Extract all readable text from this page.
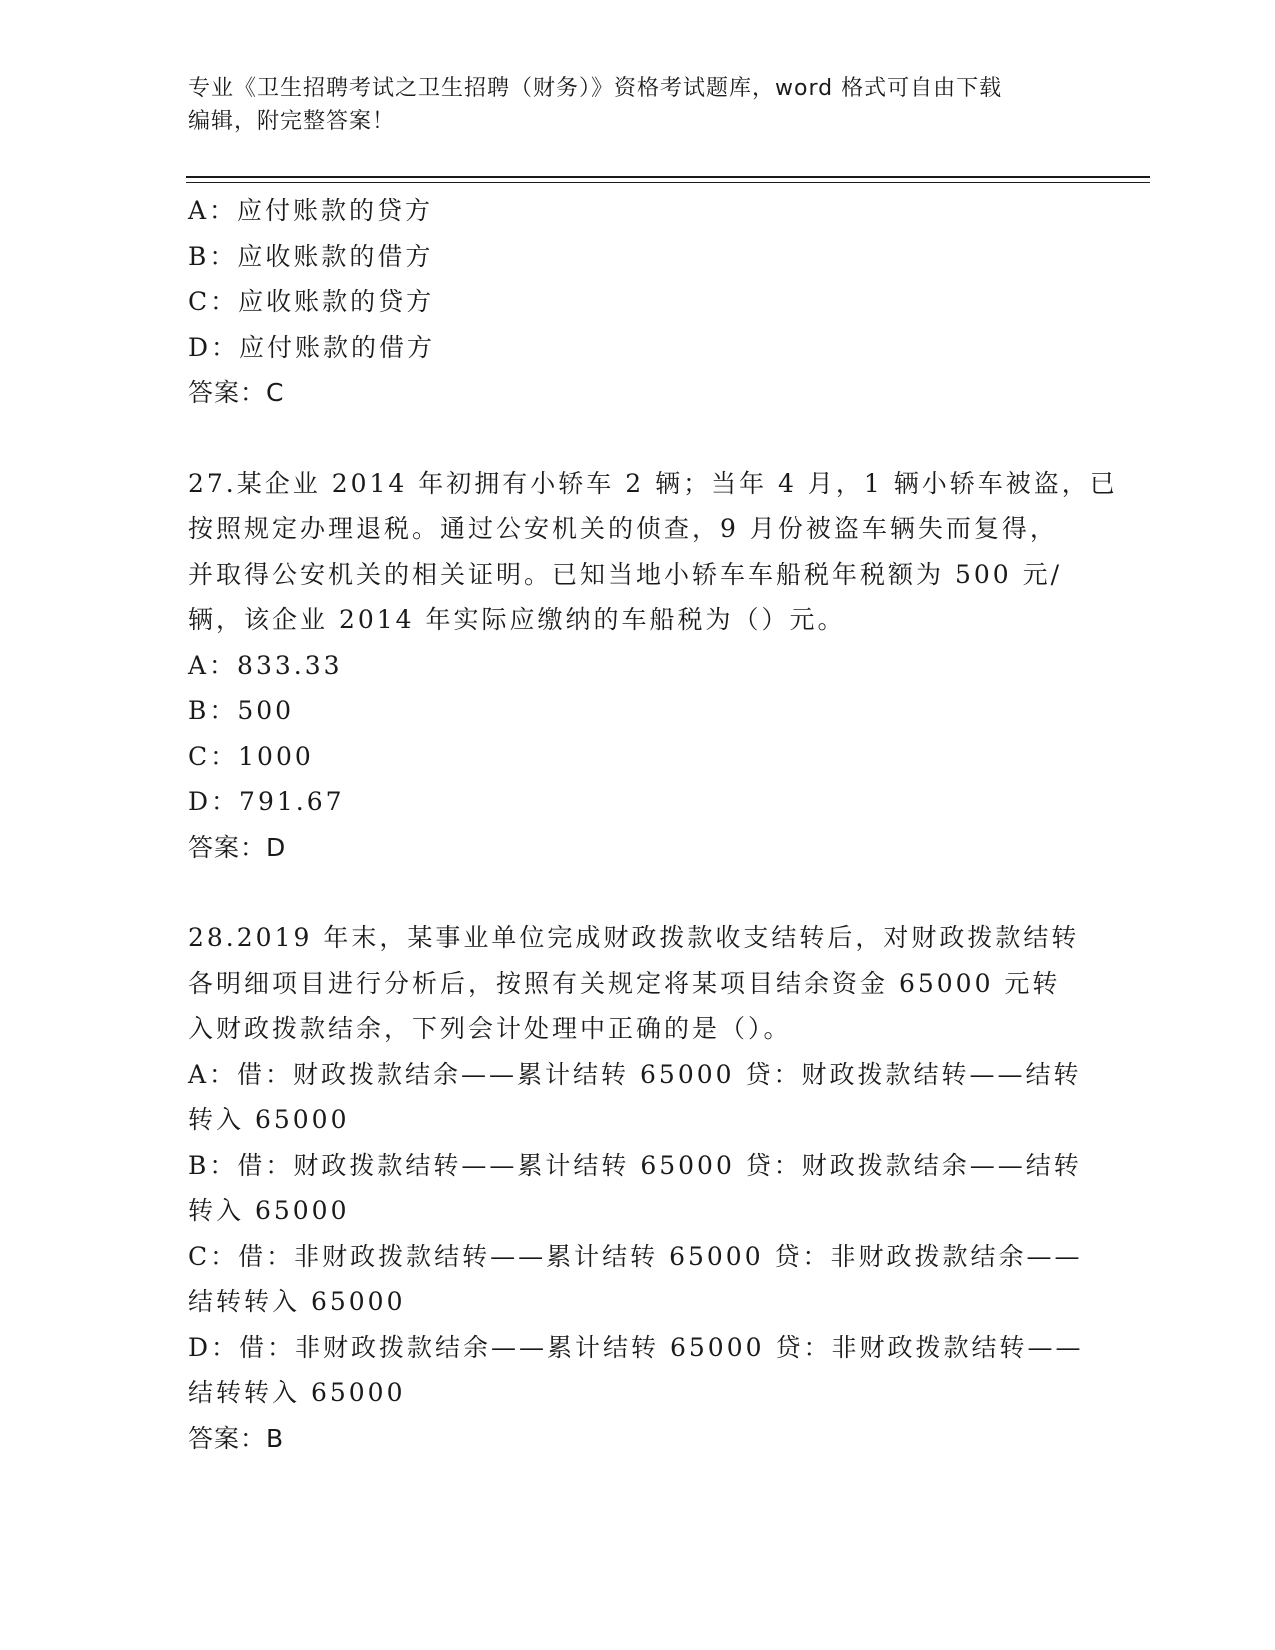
专业《卫生招聘考试之卫生招聘（财务）》资格考试题库，word 格式可自由下载
编辑，附完整答案！
A：应付账款的贷方
B：应收账款的借方
C：应收账款的贷方
D：应付账款的借方
答案：C
27.某企业 2014 年初拥有小轿车 2 辆；当年 4 月，1 辆小轿车被盗，已
按照规定办理退税。通过公安机关的侦查，9 月份被盗车辆失而复得，
并取得公安机关的相关证明。已知当地小轿车车船税年税额为 500 元/
辆，该企业 2014 年实际应缴纳的车船税为（）元。
A：833.33
B：500
C：1000
D：791.67
答案：D
28.2019 年末，某事业单位完成财政拨款收支结转后，对财政拨款结转
各明细项目进行分析后，按照有关规定将某项目结余资金 65000 元转
入财政拨款结余，下列会计处理中正确的是（）。
A：借：财政拨款结余——累计结转 65000 贷：财政拨款结转——结转
转入 65000
B：借：财政拨款结转——累计结转 65000 贷：财政拨款结余——结转
转入 65000
C：借：非财政拨款结转——累计结转 65000 贷：非财政拨款结余——
结转转入 65000
D：借：非财政拨款结余——累计结转 65000 贷：非财政拨款结转——
结转转入 65000
答案：B
